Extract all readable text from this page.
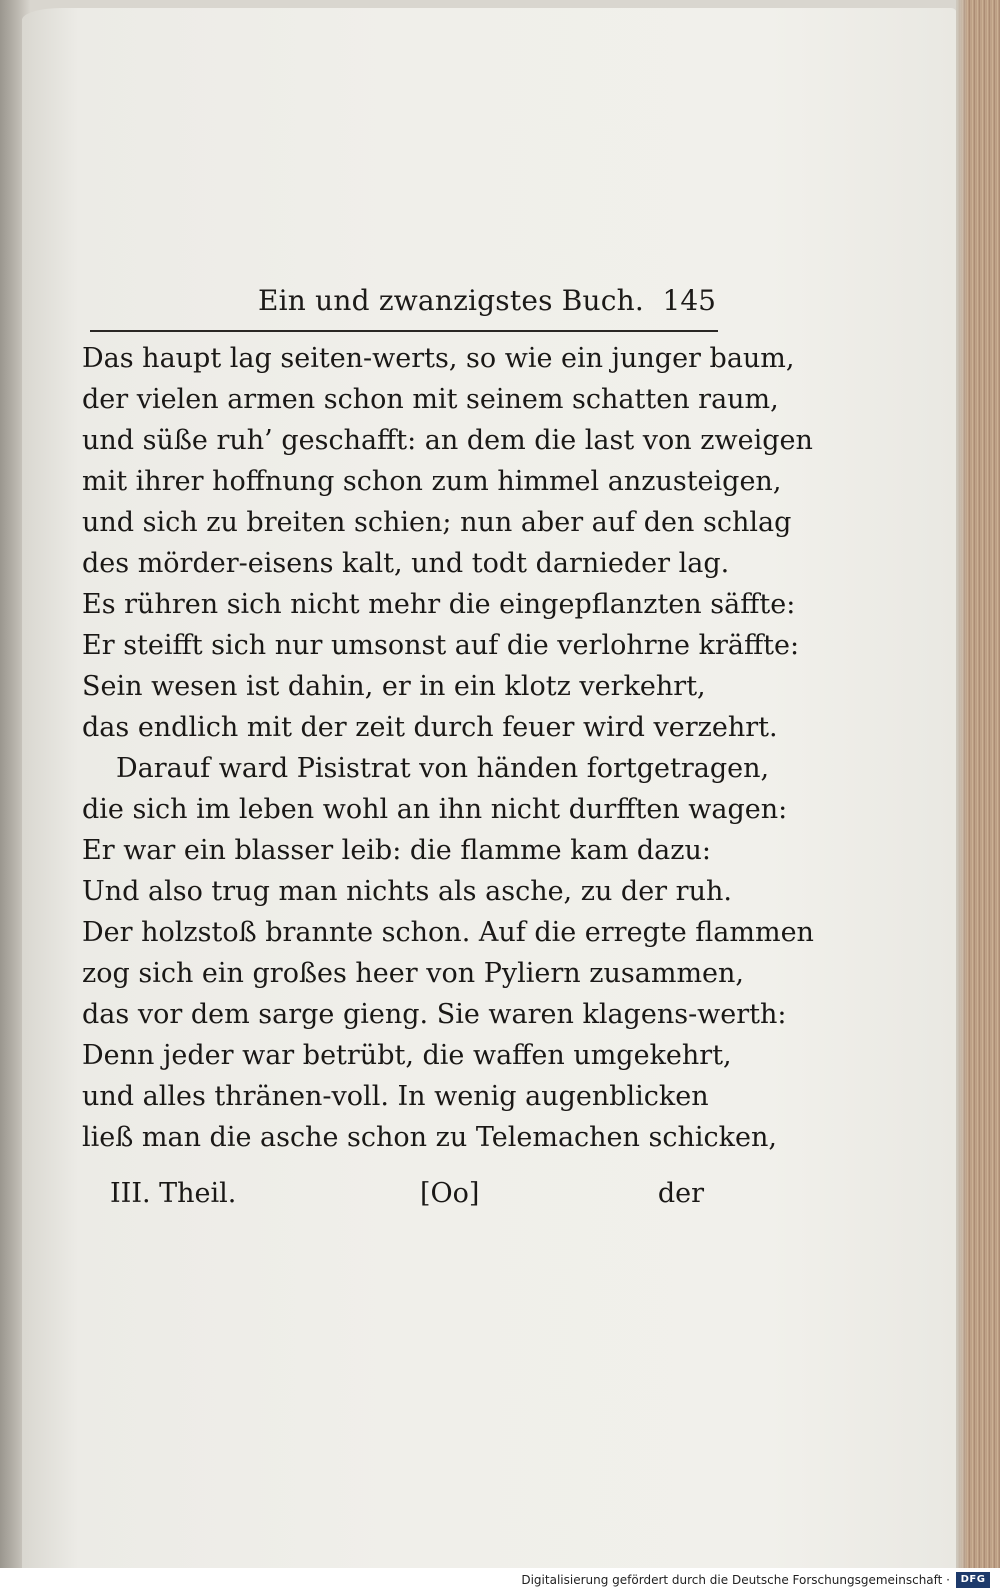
Ein und zwanzigstes Buch. 145
Das haupt lag seiten-werts, so wie ein junger baum,
der vielen armen schon mit seinem schatten raum,
und süße ruh’ geschafft: an dem die last von zweigen
mit ihrer hoffnung schon zum himmel anzusteigen,
und sich zu breiten schien; nun aber auf den schlag
des mörder-eisens kalt, und todt darnieder lag.
Es rühren sich nicht mehr die eingepflanzten säffte:
Er steifft sich nur umsonst auf die verlohrne kräffte:
Sein wesen ist dahin, er in ein klotz verkehrt,
das endlich mit der zeit durch feuer wird verzehrt.
Darauf ward Pisistrat von händen fortgetragen,
die sich im leben wohl an ihn nicht durfften wagen:
Er war ein blasser leib: die flamme kam dazu:
Und also trug man nichts als asche, zu der ruh.
Der holzstoß brannte schon. Auf die erregte flammen
zog sich ein großes heer von Pyliern zusammen,
das vor dem sarge gieng. Sie waren klagens-werth:
Denn jeder war betrübt, die waffen umgekehrt,
und alles thränen-voll. In wenig augenblicken
ließ man die asche schon zu Telemachen schicken,
III. Theil.	[Oo]	der
Digitalisierung gefördert durch die Deutsche Forschungsgemeinschaft ·	DFG
